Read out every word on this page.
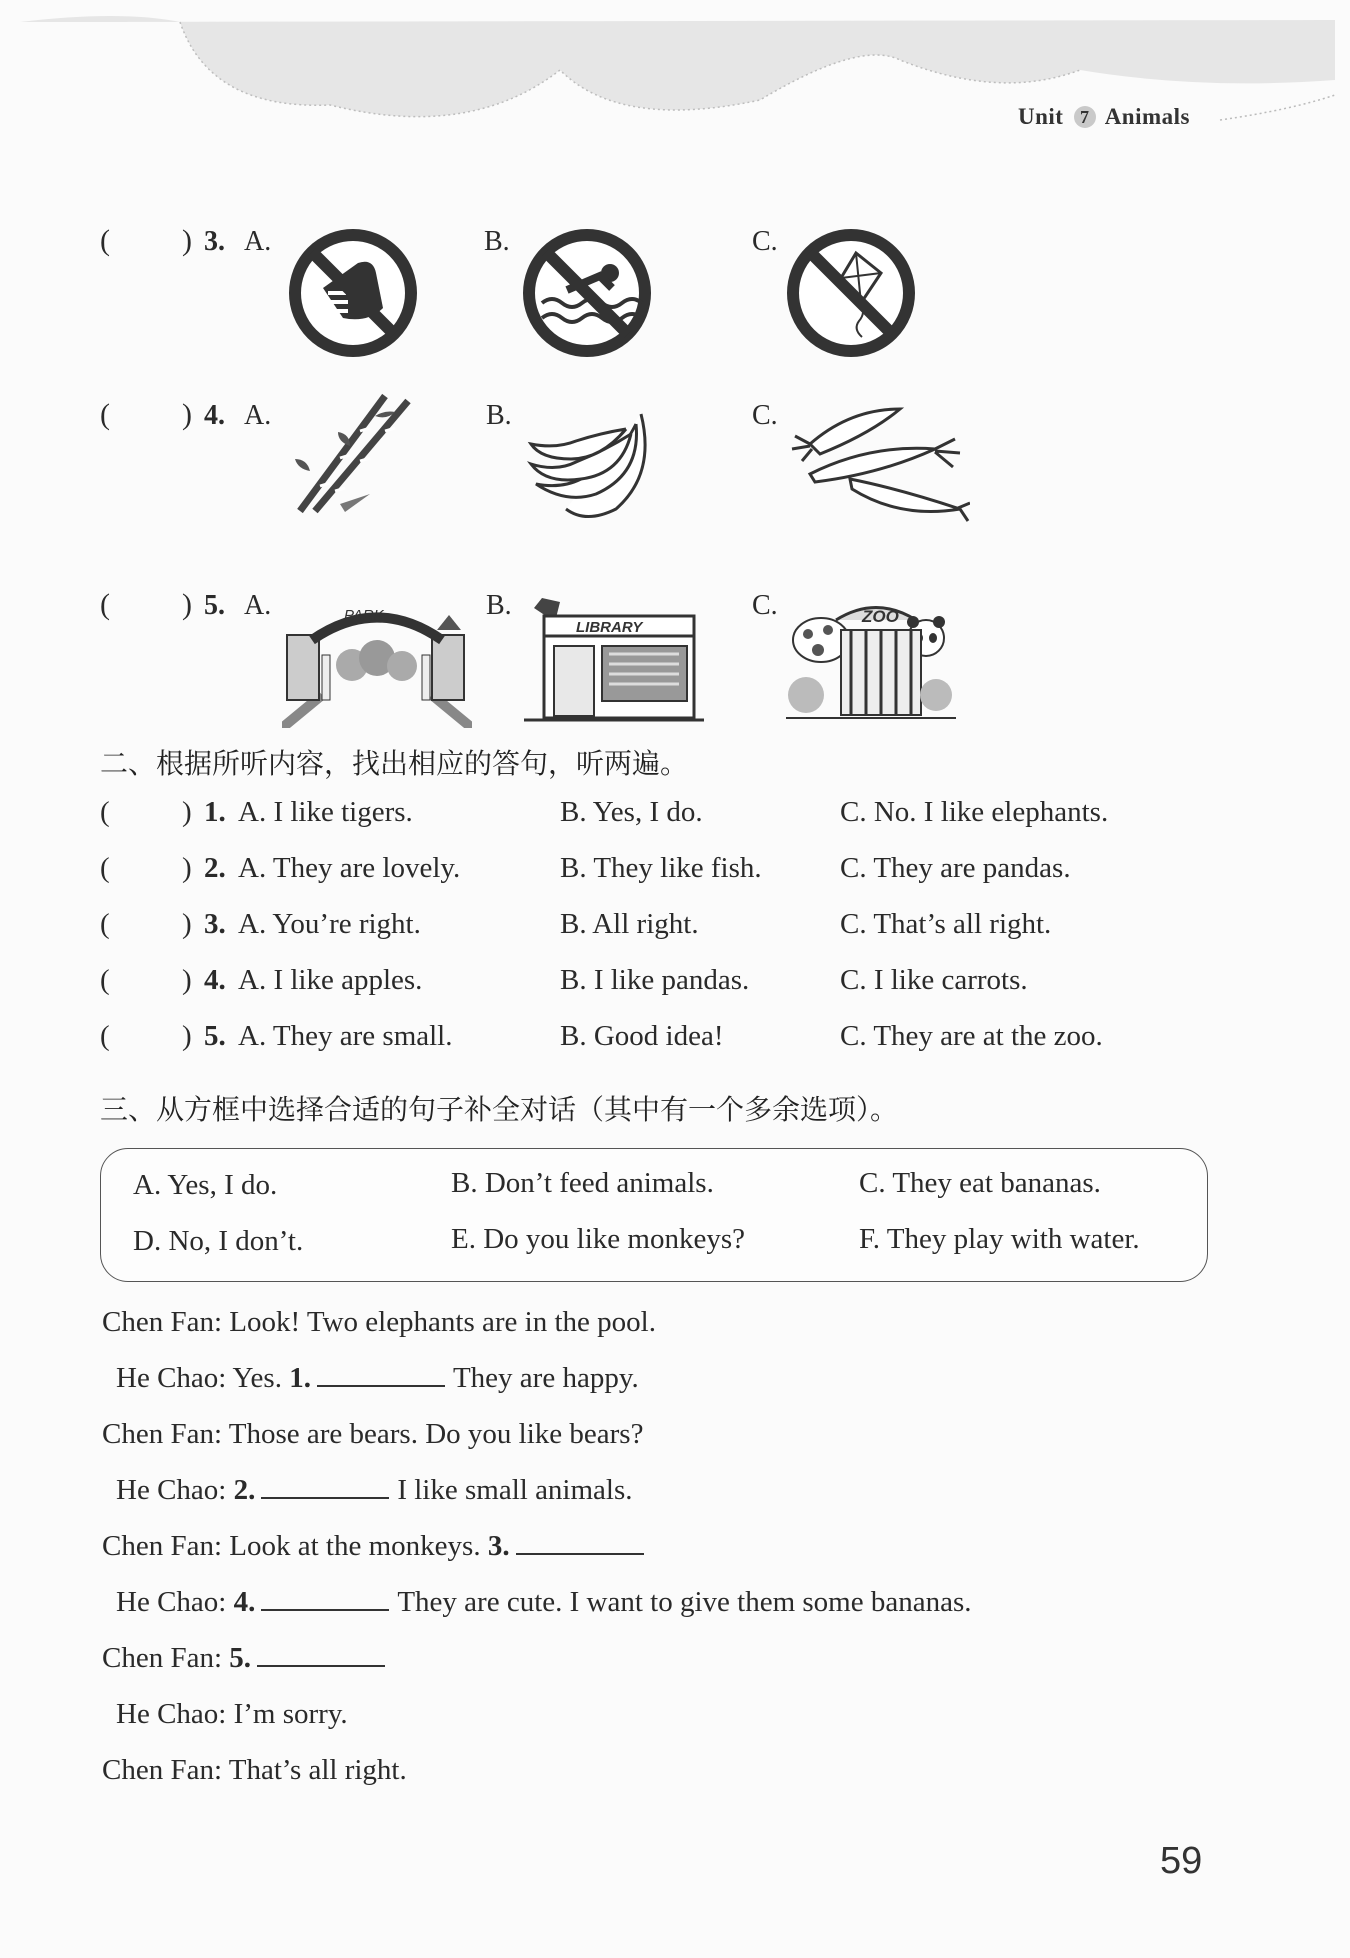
Unit 7 Animals
( ) 3. A.	B.	C.
( ) 4. A.	B.	C.
( ) 5. A.	B.	C.
PARK
LIBRARY
ZOO
二、根据所听内容，找出相应的答句，听两遍。
( ) 1. A. I like tigers.	B. Yes, I do.	C. No. I like elephants.
( ) 2. A. They are lovely.	B. They like fish.	C. They are pandas.
( ) 3. A. You’re right.	B. All right.	C. That’s all right.
( ) 4. A. I like apples.	B. I like pandas.	C. I like carrots.
( ) 5. A. They are small.	B. Good idea!	C. They are at the zoo.
三、从方框中选择合适的句子补全对话（其中有一个多余选项）。
A. Yes, I do.	B. Don’t feed animals.	C. They eat bananas.
D. No, I don’t.	E. Do you like monkeys?	F. They play with water.
Chen Fan: Look! Two elephants are in the pool.
He Chao: Yes. 1.	They are happy.
Chen Fan: Those are bears. Do you like bears?
He Chao: 2.	I like small animals.
Chen Fan: Look at the monkeys. 3.
He Chao: 4.	They are cute. I want to give them some bananas.
Chen Fan: 5.
He Chao: I’m sorry.
Chen Fan: That’s all right.
59
